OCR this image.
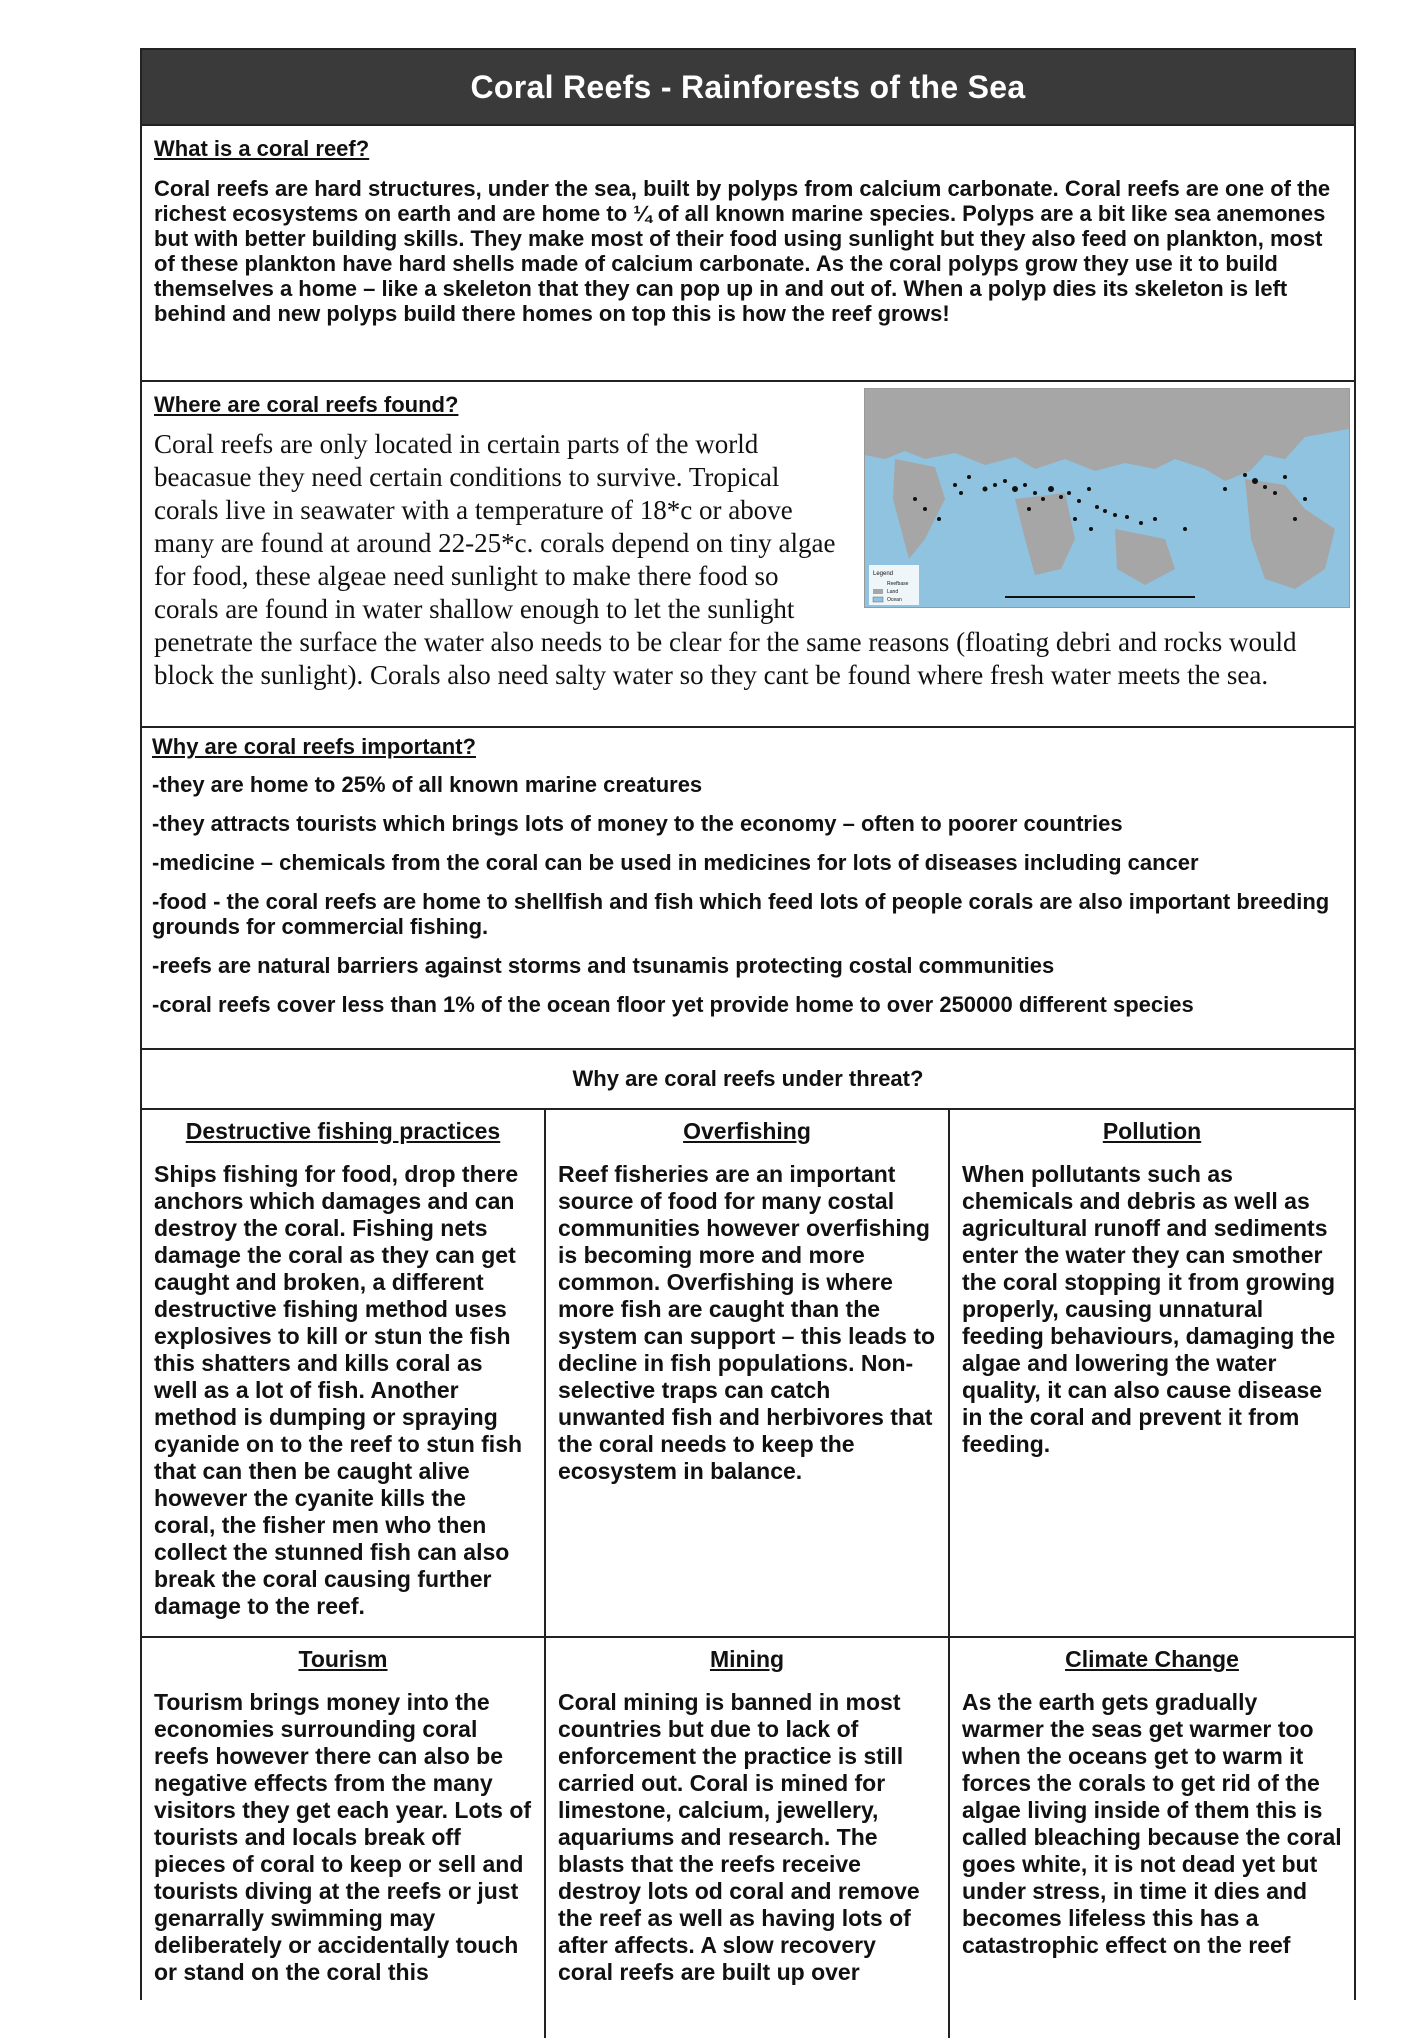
Coral Reefs - Rainforests of the Sea
What is a coral reef?
Coral reefs are hard structures, under the sea, built by polyps from calcium carbonate. Coral reefs are one of the richest ecosystems on earth and are home to ¼ of all known marine species. Polyps are a bit like sea anemones but with better building skills. They make most of their food using sunlight but they also feed on plankton, most of these plankton have hard shells made of calcium carbonate. As the coral polyps grow they use it to build themselves a home – like a skeleton that they can pop up in and out of. When a polyp dies its skeleton is left behind and new polyps build there homes on top this is how the reef grows!
Legend
Reefbase
Land
Ocean
Where are coral reefs found?
Coral reefs are only located in certain parts of the world beacasue they need certain conditions to survive. Tropical corals live in seawater with a temperature of 18*c or above many are found at around 22-25*c. corals depend on tiny algae for food, these algeae need sunlight to make there food so corals are found in water shallow enough to let the sunlight penetrate the surface the water also needs to be clear for the same reasons (floating debri and rocks would block the sunlight). Corals also need salty water so they cant be found where fresh water meets the sea.
Why are coral reefs important?
-they are home to 25% of all known marine creatures
-they attracts tourists which brings lots of money to the economy – often to poorer countries
-medicine – chemicals from the coral can be used in medicines for lots of diseases including cancer
-food - the coral reefs are home to shellfish and fish which feed lots of people corals are also important breeding grounds for commercial fishing.
-reefs are natural barriers against storms and tsunamis protecting costal communities
-coral reefs cover less than 1% of the ocean floor yet provide home to over 250000 different species
Why are coral reefs under threat?
Destructive fishing practices
Ships fishing for food, drop there anchors which damages and can destroy the coral. Fishing nets damage the coral as they can get caught and broken, a different destructive fishing method uses explosives to kill or stun the fish this shatters and kills coral as well as a lot of fish. Another method is dumping or spraying cyanide on to the reef to stun fish that can then be caught alive however the cyanite kills the coral, the fisher men who then collect the stunned fish can also break the coral causing further damage to the reef.
Overfishing
Reef fisheries are an important source of food for many costal communities however overfishing is becoming more and more common. Overfishing is where more fish are caught than the system can support – this leads to decline in fish populations. Non-selective traps can catch unwanted fish and herbivores that the coral needs to keep the ecosystem in balance.
Pollution
When pollutants such as chemicals and debris as well as agricultural runoff and sediments enter the water they can smother the coral stopping it from growing properly, causing unnatural feeding behaviours, damaging the algae and lowering the water quality, it can also cause disease in the coral and prevent it from feeding.
Tourism
Tourism brings money into the economies surrounding coral reefs however there can also be negative effects from the many visitors they get each year. Lots of tourists and locals break off pieces of coral to keep or sell and tourists diving at the reefs or just genarrally swimming may deliberately or accidentally touch or stand on the coral this
Mining
Coral mining is banned in most countries but due to lack of enforcement the practice is still carried out. Coral is mined for limestone, calcium, jewellery, aquariums and research. The blasts that the reefs receive destroy lots od coral and remove the reef as well as having lots of after affects. A slow recovery coral reefs are built up over
Climate Change
As the earth gets gradually warmer the seas get warmer too when the oceans get to warm it forces the corals to get rid of the algae living inside of them this is called bleaching because the coral goes white, it is not dead yet but under stress, in time it dies and becomes lifeless this has a catastrophic effect on the reef
